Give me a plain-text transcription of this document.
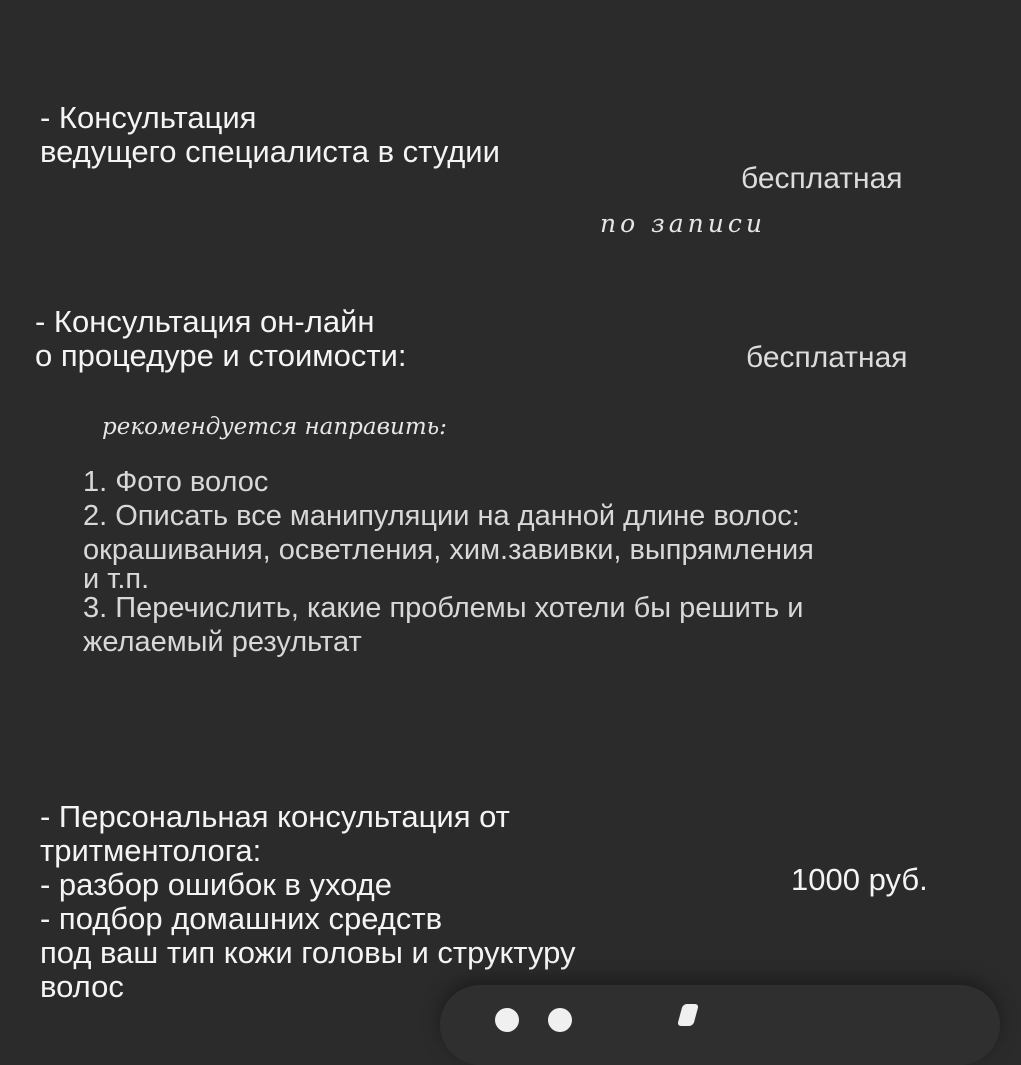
- Консультация
ведущего специалиста в студии
бесплатная
по записи
- Консультация он-лайн
о процедуре и стоимости:	бесплатная
рекомендуется направить:
1. Фото волос
2. Описать все манипуляции на данной длине волос:
окрашивания, осветления, хим.завивки, выпрямления
и т.п.
3. Перечислить, какие проблемы хотели бы решить и
желаемый результат
- Персональная консультация от
тритментолога:
- разбор ошибок в уходе
- подбор домашних средств
под ваш тип кожи головы и структуру
волос
1000 руб.
